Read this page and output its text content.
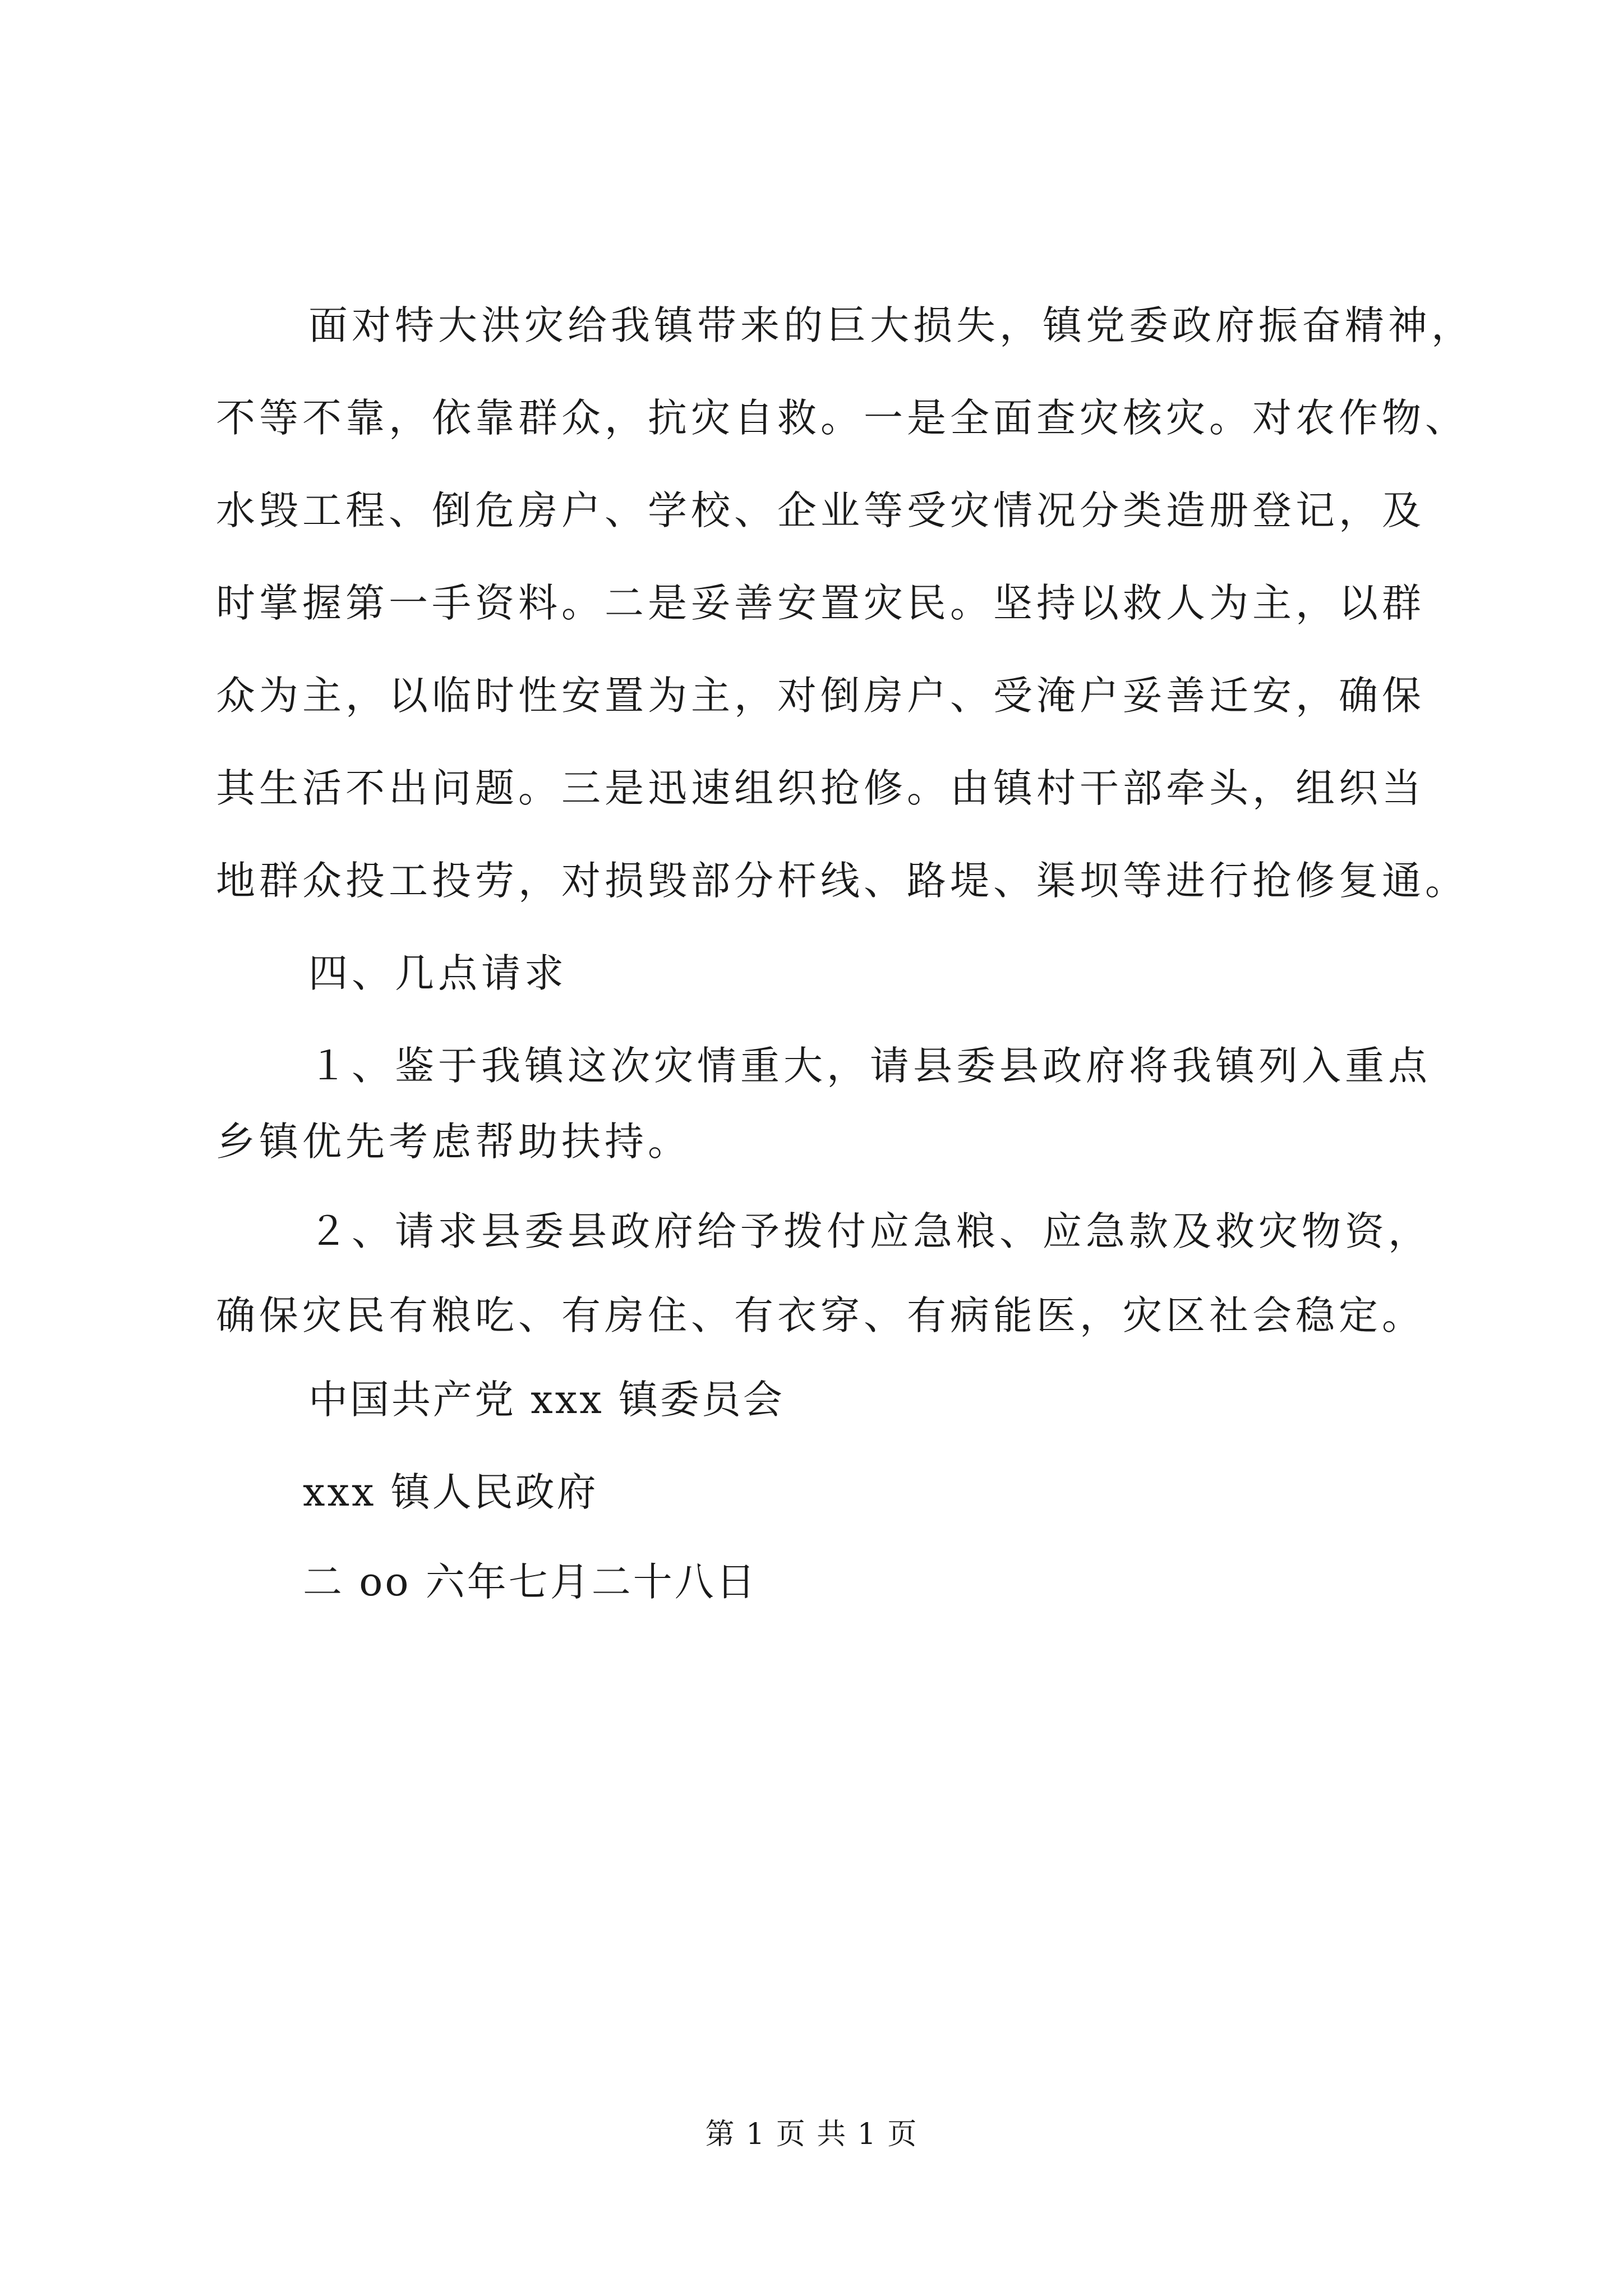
面对特大洪灾给我镇带来的巨大损失，镇党委政府振奋精神，
不等不靠，依靠群众，抗灾自救。一是全面查灾核灾。对农作物、
水毁工程、倒危房户、学校、企业等受灾情况分类造册登记，及
时掌握第一手资料。二是妥善安置灾民。坚持以救人为主，以群
众为主，以临时性安置为主，对倒房户、受淹户妥善迁安，确保
其生活不出问题。三是迅速组织抢修。由镇村干部牵头，组织当
地群众投工投劳，对损毁部分杆线、路堤、渠坝等进行抢修复通。
四、几点请求
１、鉴于我镇这次灾情重大，请县委县政府将我镇列入重点
乡镇优先考虑帮助扶持。
２、请求县委县政府给予拨付应急粮、应急款及救灾物资，
确保灾民有粮吃、有房住、有衣穿、有病能医，灾区社会稳定。
中国共产党 xxx 镇委员会
xxx 镇人民政府
二 oo 六年七月二十八日
第 1 页 共 1 页
